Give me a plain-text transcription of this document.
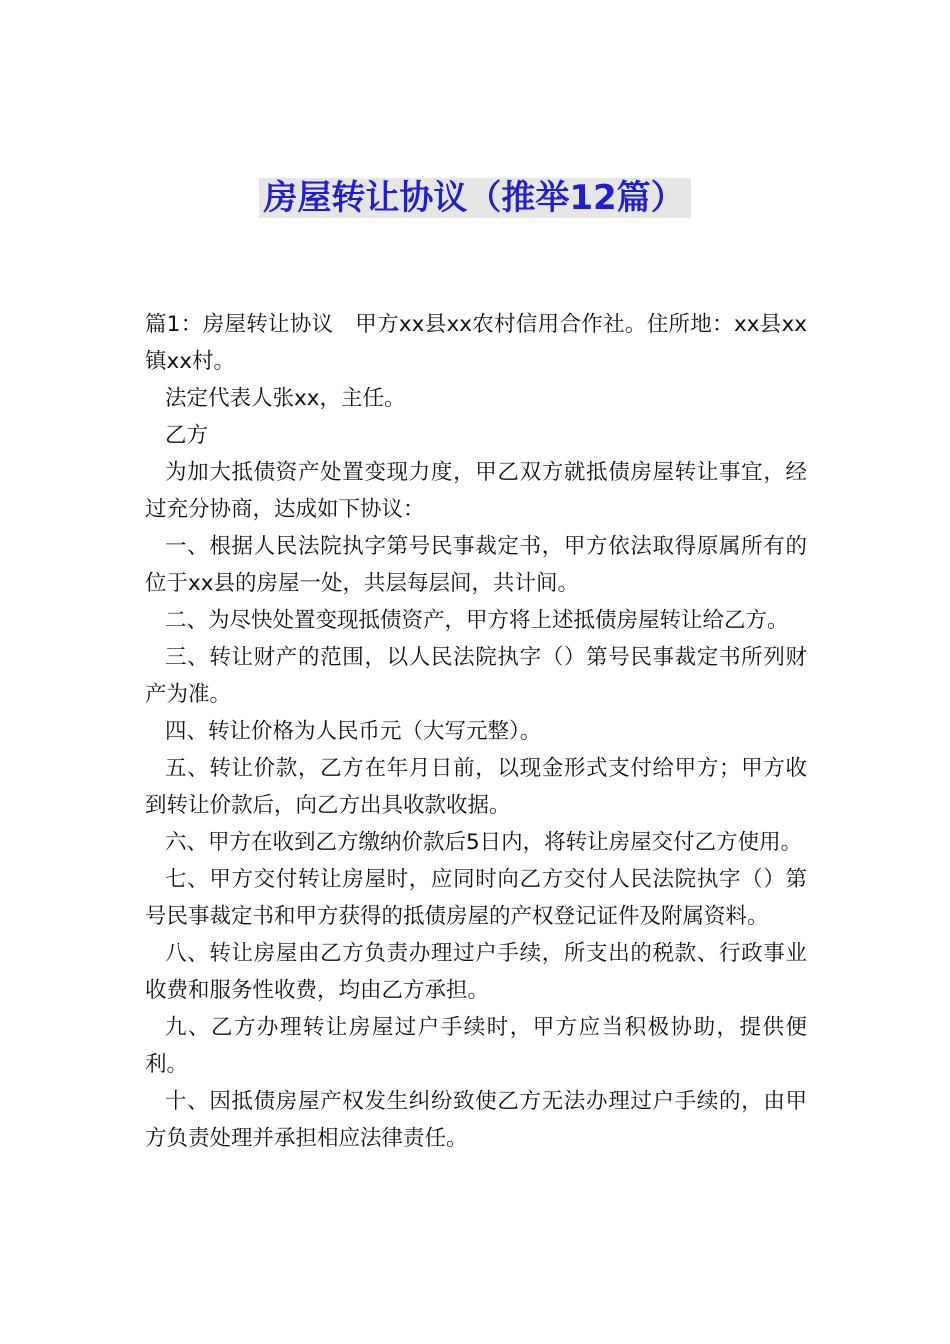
房屋转让协议（推举12篇）

篇1：房屋转让协议　甲方xx县xx农村信用合作社。住所地：xx县xx镇xx村。

法定代表人张xx，主任。

乙方

为加大抵债资产处置变现力度，甲乙双方就抵债房屋转让事宜，经过充分协商，达成如下协议：

一、根据人民法院执字第号民事裁定书，甲方依法取得原属所有的位于xx县的房屋一处，共层每层间，共计间。

二、为尽快处置变现抵债资产，甲方将上述抵债房屋转让给乙方。

三、转让财产的范围，以人民法院执字（）第号民事裁定书所列财产为准。

四、转让价格为人民币元（大写元整）。

五、转让价款，乙方在年月日前，以现金形式支付给甲方；甲方收到转让价款后，向乙方出具收款收据。

六、甲方在收到乙方缴纳价款后5日内，将转让房屋交付乙方使用。

七、甲方交付转让房屋时，应同时向乙方交付人民法院执字（）第号民事裁定书和甲方获得的抵债房屋的产权登记证件及附属资料。

八、转让房屋由乙方负责办理过户手续，所支出的税款、行政事业收费和服务性收费，均由乙方承担。

九、乙方办理转让房屋过户手续时，甲方应当积极协助，提供便利。

十、因抵债房屋产权发生纠纷致使乙方无法办理过户手续的，由甲方负责处理并承担相应法律责任。
